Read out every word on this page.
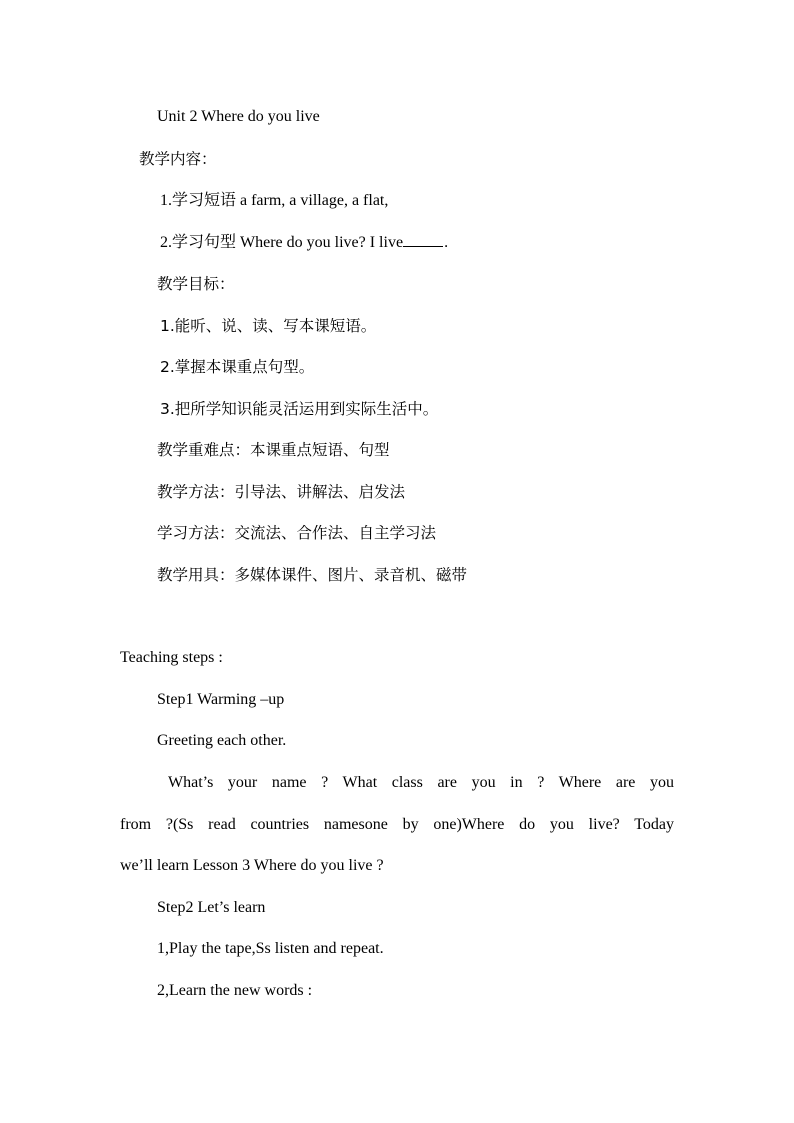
Unit 2 Where do you live
教学内容：
1.学习短语 a farm, a village, a flat,
2.学习句型 Where do you live? I live	.
教学目标：
1.能听、说、读、写本课短语。
2.掌握本课重点句型。
3.把所学知识能灵活运用到实际生活中。
教学重难点：本课重点短语、句型
教学方法：引导法、讲解法、启发法
学习方法：交流法、合作法、自主学习法
教学用具：多媒体课件、图片、录音机、磁带
Teaching steps :
Step1 Warming –up
Greeting each other.
What’s your name ? What class are you in ? Where are you
from ?(Ss read countries namesone by one)Where do you live? Today
we’ll learn Lesson 3 Where do you live ?
Step2 Let’s learn
1,Play the tape,Ss listen and repeat.
2,Learn the new words :
